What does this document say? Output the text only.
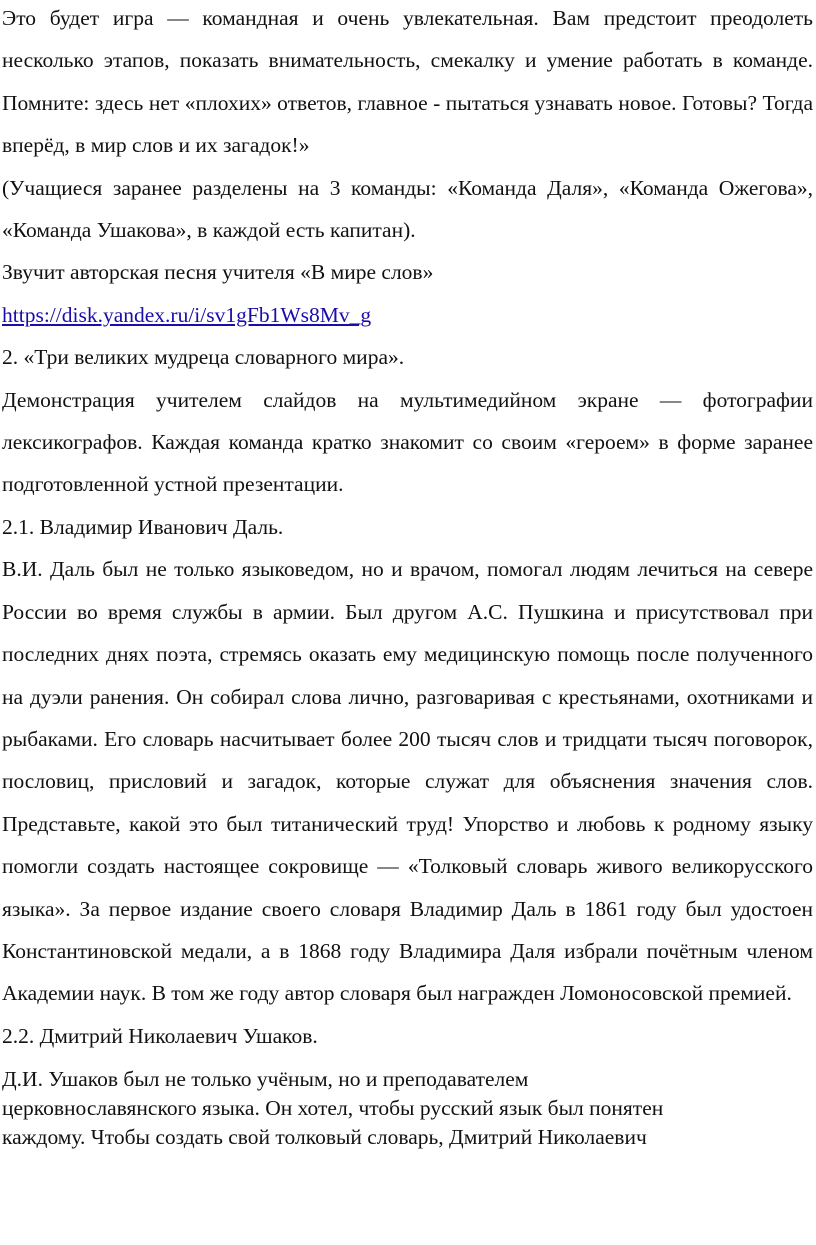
Это будет игра — командная и очень увлекательная. Вам предстоит преодолеть несколько этапов, показать внимательность, смекалку и умение работать в команде. Помните: здесь нет «плохих» ответов, главное - пытаться узнавать новое. Готовы? Тогда вперёд, в мир слов и их загадок!»

(Учащиеся заранее разделены на 3 команды: «Команда Даля», «Команда Ожегова», «Команда Ушакова», в каждой есть капитан).

Звучит авторская песня учителя «В мире слов»

https://disk.yandex.ru/i/sv1gFb1Ws8Mv_g

2. «Три великих мудреца словарного мира».

Демонстрация учителем слайдов на мультимедийном экране — фотографии лексикографов. Каждая команда кратко знакомит со своим «героем» в форме заранее подготовленной устной презентации.

2.1. Владимир Иванович Даль.

В.И. Даль был не только языковедом, но и врачом, помогал людям лечиться на севере России во время службы в армии. Был другом А.С. Пушкина и присутствовал при последних днях поэта, стремясь оказать ему медицинскую помощь после полученного на дуэли ранения. Он собирал слова лично, разговаривая с крестьянами, охотниками и рыбаками. Его словарь насчитывает более 200 тысяч слов и тридцати тысяч поговорок, пословиц, присловий и загадок, которые служат для объяснения значения слов. Представьте, какой это был титанический труд! Упорство и любовь к родному языку помогли создать настоящее сокровище — «Толковый словарь живого великорусского языка». За первое издание своего словаря Владимир Даль в 1861 году был удостоен Константиновской медали, а в 1868 году Владимира Даля избрали почётным членом Академии наук. В том же году автор словаря был награжден Ломоносовской премией.

2.2. Дмитрий Николаевич Ушаков.

Д.И. Ушаков был не только учёным, но и преподавателем

церковнославянского языка. Он хотел, чтобы русский язык был понятен

каждому. Чтобы создать свой толковый словарь, Дмитрий Николаевич
